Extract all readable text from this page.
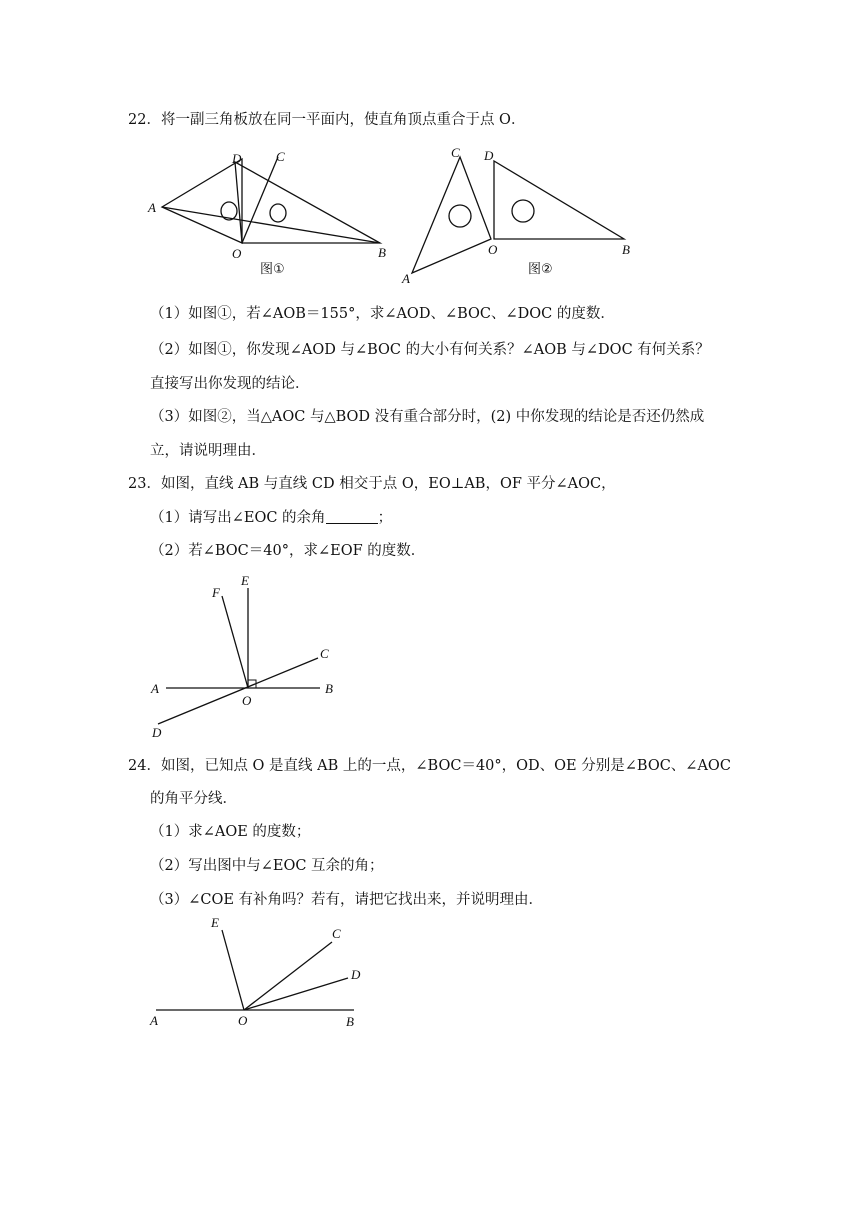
22．将一副三角板放在同一平面内，使直角顶点重合于点 O．
A
D	C
O	B
图①
C D
A
O	B
图②
（1）如图①，若∠AOB＝155°，求∠AOD、∠BOC、∠DOC 的度数．
（2）如图①，你发现∠AOD 与∠BOC 的大小有何关系？∠AOB 与∠DOC 有何关系？
直接写出你发现的结论．
（3）如图②，当△AOC 与△BOD 没有重合部分时，(2) 中你发现的结论是否还仍然成
立，请说明理由．
23．如图，直线 AB 与直线 CD 相交于点 O，EO⊥AB，OF 平分∠AOC，
（1）请写出∠EOC 的余角	；
（2）若∠BOC＝40°，求∠EOF 的度数．
A	B
C
D
E
F
O
24．如图，已知点 O 是直线 AB 上的一点，∠BOC＝40°，OD、OE 分别是∠BOC、∠AOC
的角平分线．
（1）求∠AOE 的度数；
（2）写出图中与∠EOC 互余的角；
（3）∠COE 有补角吗？若有，请把它找出来，并说明理由．
A	O	B
E
C
D
